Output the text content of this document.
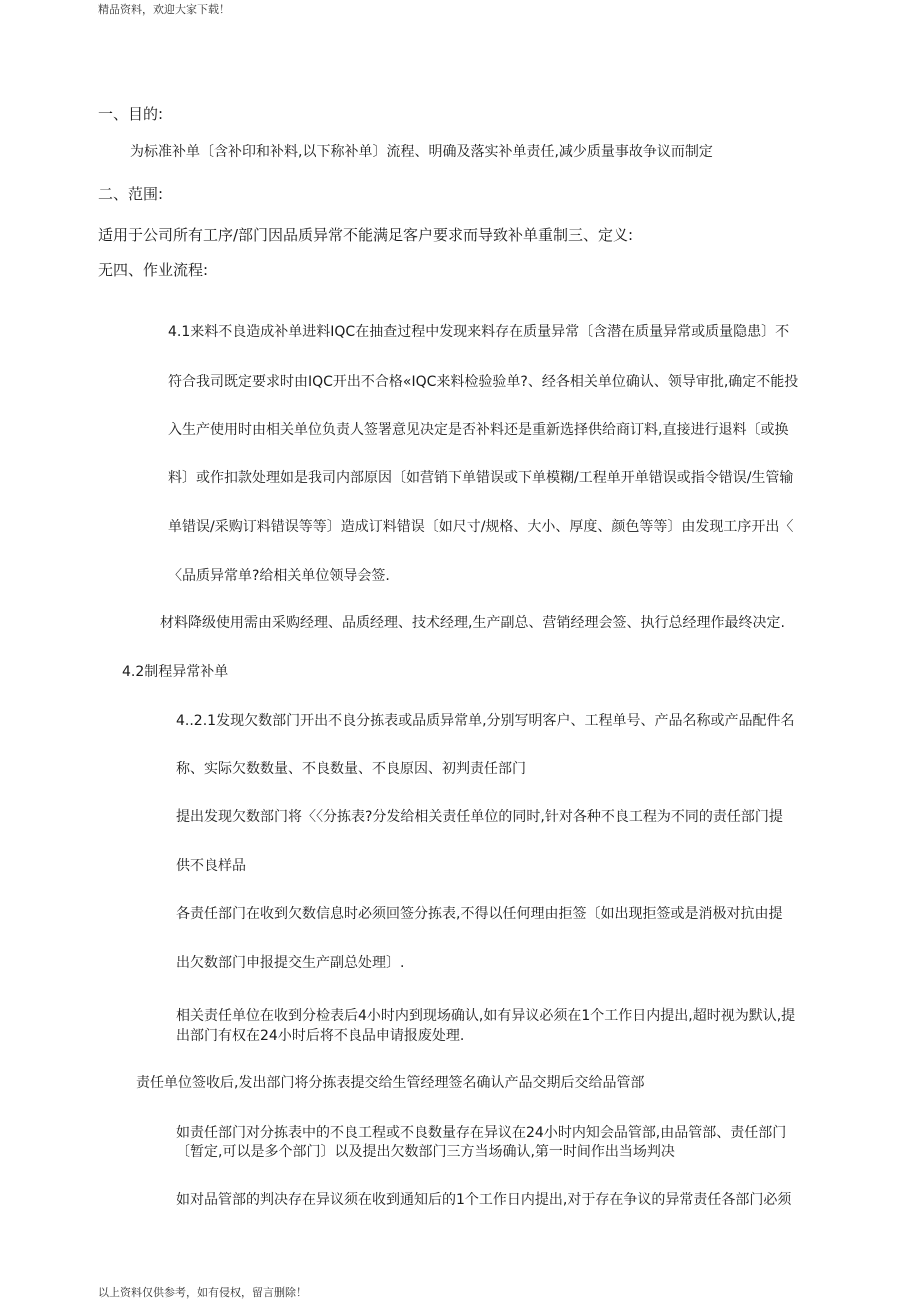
精品资料，欢迎大家下载！
一、目的:
为标准补单〔含补印和补料,以下称补单〕流程、明确及落实补单责任,减少质量事故争议而制定
二、范围:
适用于公司所有工序/部门因品质异常不能满足客户要求而导致补单重制三、定义:
无四、作业流程:
4.1来料不良造成补单进料IQC在抽查过程中发现来料存在质量异常〔含潜在质量异常或质量隐患〕不
符合我司既定要求时由IQC开出不合格«IQC来料检验验单?、经各相关单位确认、领导审批,确定不能投
入生产使用时由相关单位负责人签署意见决定是否补料还是重新选择供给商订料,直接进行退料〔或换
料〕或作扣款处理如是我司内部原因〔如营销下单错误或下单模糊/工程单开单错误或指令错误/生管输
单错误/采购订料错误等等〕造成订料错误〔如尺寸/规格、大小、厚度、颜色等等〕由发现工序开出〈
〈品质异常单?给相关单位领导会签.
材料降级使用需由采购经理、品质经理、技术经理,生产副总、营销经理会签、执行总经理作最终决定.
4.2制程异常补单
4..2.1发现欠数部门开出不良分拣表或品质异常单,分别写明客户、工程单号、产品名称或产品配件名
称、实际欠数数量、不良数量、不良原因、初判责任部门
提出发现欠数部门将〈〈分拣表?分发给相关责任单位的同时,针对各种不良工程为不同的责任部门提
供不良样品
各责任部门在收到欠数信息时必须回签分拣表,不得以任何理由拒签〔如出现拒签或是消极对抗由提
出欠数部门申报提交生产副总处理〕.
相关责任单位在收到分检表后4小时内到现场确认,如有异议必须在1个工作日内提出,超时视为默认,提
出部门有权在24小时后将不良品申请报废处理.
责任单位签收后,发出部门将分拣表提交给生管经理签名确认产品交期后交给品管部
如责任部门对分拣表中的不良工程或不良数量存在异议在24小时内知会品管部,由品管部、责任部门
〔暂定,可以是多个部门〕以及提出欠数部门三方当场确认,第一时间作出当场判决
如对品管部的判决存在异议须在收到通知后的1个工作日内提出,对于存在争议的异常责任各部门必须
以上资料仅供参考，如有侵权，留言删除！
